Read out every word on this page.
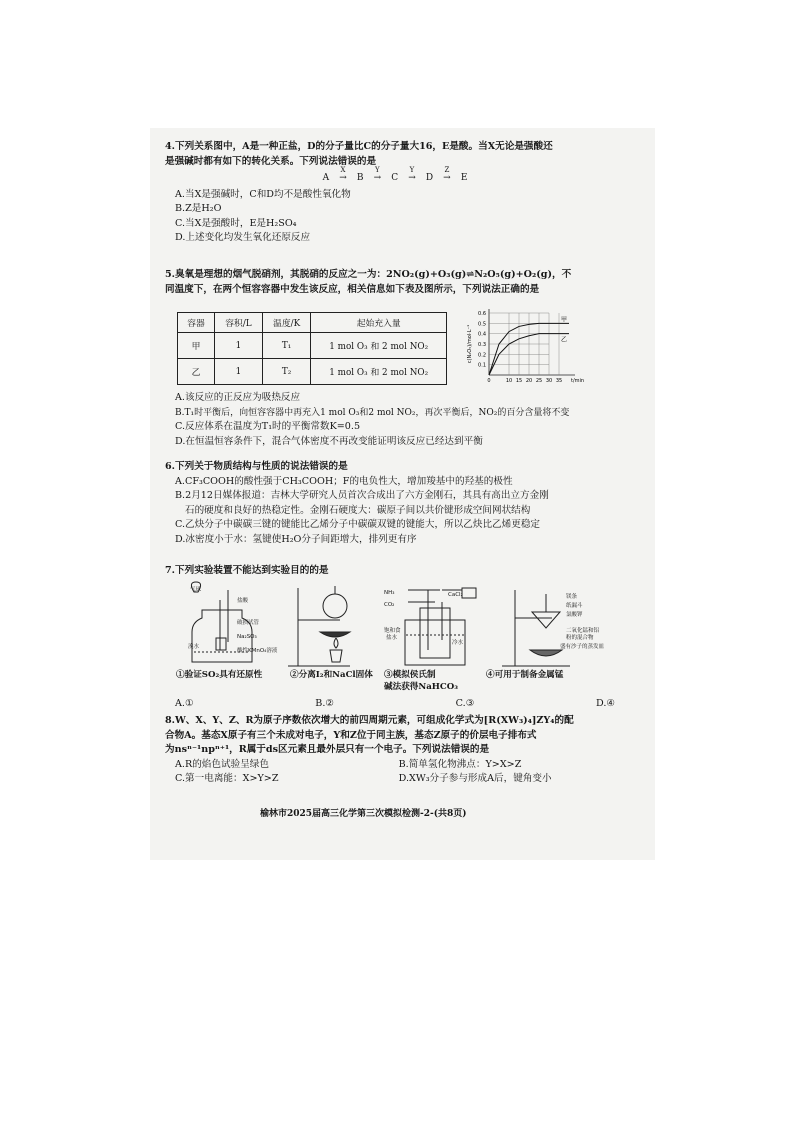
4.下列关系图中，A是一种正盐，D的分子量比C的分子量大16，E是酸。当X无论是强酸还
是强碱时都有如下的转化关系。下列说法错误的是
A
X
→ B
Y
→ C
Y
→ D
Z
→ E
A.当X是强碱时，C和D均不是酸性氧化物
B.Z是H₂O
C.当X是强酸时，E是H₂SO₄
D.上述变化均发生氧化还原反应
5.臭氧是理想的烟气脱硝剂，其脱硝的反应之一为：2NO₂(g)+O₃(g)⇌N₂O₅(g)+O₂(g)，不
同温度下，在两个恒容容器中发生该反应，相关信息如下表及图所示，下列说法正确的是
容器	容积/L	温度/K	起始充入量
甲	1	T₁	1 mol O₃ 和 2 mol NO₂
乙	1	T₂	1 mol O₃ 和 2 mol NO₂
0.1
0.2
0.3
0.4
0.5
0.6
0	10 15 20 25 30 35 t/min
c(N₂O₅)/mol·L⁻¹
甲
乙
A.该反应的正反应为吸热反应
B.T₁时平衡后，向恒容容器中再充入1 mol O₃和2 mol NO₂，再次平衡后，NO₂的百分含量将不变
C.反应体系在温度为T₁时的平衡常数K=0.5
D.在恒温恒容条件下，混合气体密度不再改变能证明该反应已经达到平衡
6.下列关于物质结构与性质的说法错误的是
A.CF₃COOH的酸性强于CH₃COOH；F的电负性大，增加羧基中的羟基的极性
B.2月12日媒体报道：吉林大学研究人员首次合成出了六方金刚石，其具有高出立方金刚
石的硬度和良好的热稳定性。金刚石硬度大：碳原子间以共价键形成空间网状结构
C.乙炔分子中碳碳三键的键能比乙烯分子中碳碳双键的键能大，所以乙炔比乙烯更稳定
D.冰密度小于水：氢键使H₂O分子间距增大，排列更有序
7.下列实验装置不能达到实验目的的是
气球
盐酸
破损试管
Na₂SO₃
溴水
酸性KMnO₄溶液
NH₃
CO₂
CaCl₂
饱和食
盐水
冷水
镁条
纸漏斗
氯酸钾
二氧化锰和铝
粉的混合物
盛有沙子的蒸发皿
①验证SO₂具有还原性	②分离I₂和NaCl固体 ③模拟侯氏制
碱法获得NaHCO₃
④可用于制备金属锰
A.①	B.②	C.③	D.④
8.W、X、Y、Z、R为原子序数依次增大的前四周期元素，可组成化学式为[R(XW₃)₄]ZY₄的配
合物A。基态X原子有三个未成对电子，Y和Z位于同主族，基态Z原子的价层电子排布式
为nsⁿ⁻¹npⁿ⁺¹，R属于ds区元素且最外层只有一个电子。下列说法错误的是
A.R的焰色试验呈绿色	B.简单氢化物沸点：Y>X>Z
C.第一电离能：X>Y>Z	D.XW₃分子参与形成A后，键角变小
榆林市2025届高三化学第三次模拟检测-2-(共8页)
